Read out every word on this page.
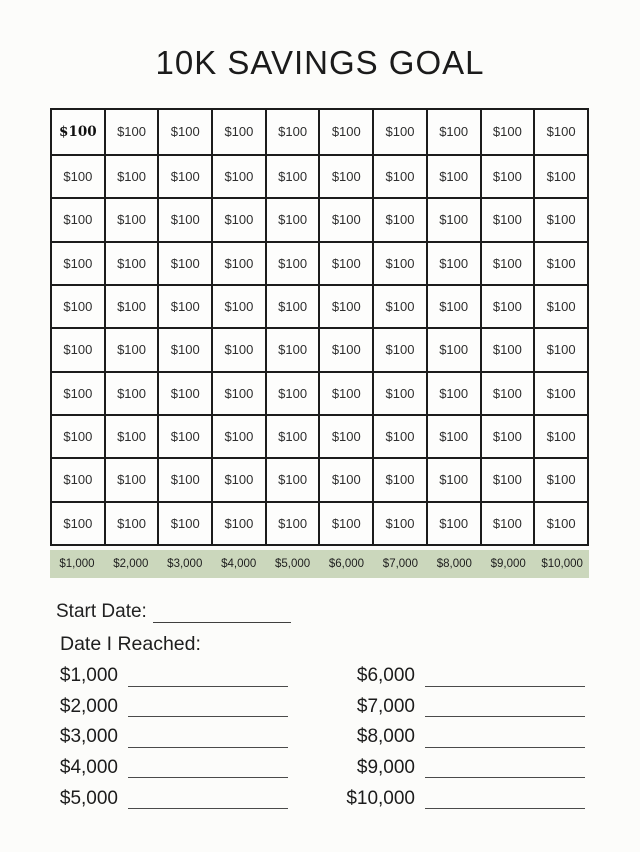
10K SAVINGS GOAL
$100	$100	$100	$100	$100	$100	$100	$100	$100	$100
$100	$100	$100	$100	$100	$100	$100	$100	$100	$100
$100	$100	$100	$100	$100	$100	$100	$100	$100	$100
$100	$100	$100	$100	$100	$100	$100	$100	$100	$100
$100	$100	$100	$100	$100	$100	$100	$100	$100	$100
$100	$100	$100	$100	$100	$100	$100	$100	$100	$100
$100	$100	$100	$100	$100	$100	$100	$100	$100	$100
$100	$100	$100	$100	$100	$100	$100	$100	$100	$100
$100	$100	$100	$100	$100	$100	$100	$100	$100	$100
$100	$100	$100	$100	$100	$100	$100	$100	$100	$100
$1,000	$2,000	$3,000	$4,000	$5,000	$6,000	$7,000	$8,000	$9,000	$10,000
Start Date:
Date I Reached:
$1,000
$2,000
$3,000
$4,000
$5,000
$6,000
$7,000
$8,000
$9,000
$10,000
